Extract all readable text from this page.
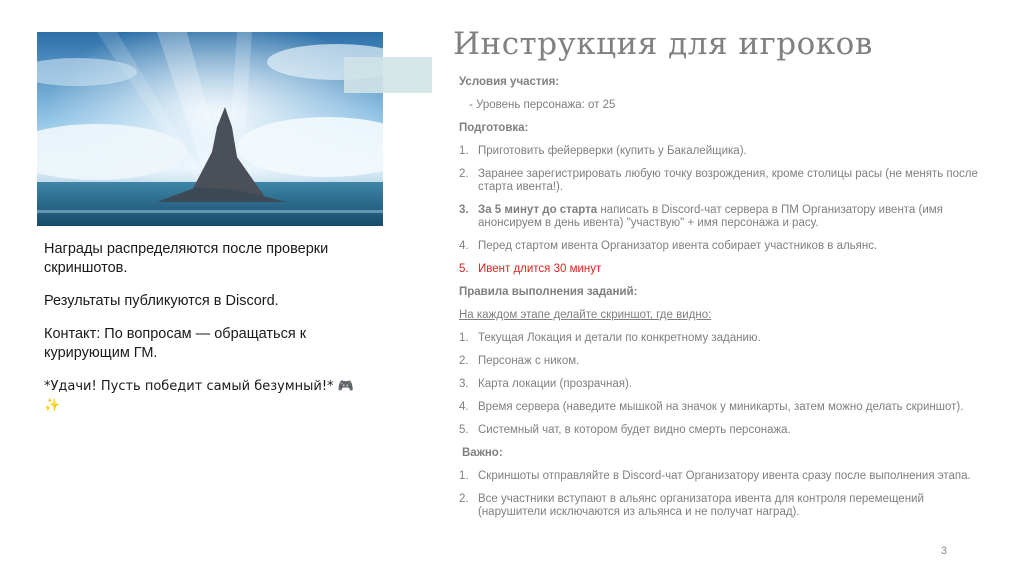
Инструкция для игроков

Награды распределяются после проверки скриншотов.

Результаты публикуются в Discord.

Контакт: По вопросам — обращаться к курирующим ГМ.

*Удачи! Пусть победит самый безумный!* 🎮✨

Условия участия:
- Уровень персонажа: от 25
Подготовка:
1. Приготовить фейерверки (купить у Бакалейщика).
2. Заранее зарегистрировать любую точку возрождения, кроме столицы расы (не менять после старта ивента!).
3. За 5 минут до старта написать в Discord-чат сервера в ПМ Организатору ивента (имя анонсируем в день ивента) "участвую" + имя персонажа и расу.
4. Перед стартом ивента Организатор ивента собирает участников в альянс.
5. Ивент длится 30 минут
Правила выполнения заданий:
На каждом этапе делайте скриншот, где видно:
1. Текущая Локация и детали по конкретному заданию.
2. Персонаж с ником.
3. Карта локации (прозрачная).
4. Время сервера (наведите мышкой на значок у миникарты, затем можно делать скриншот).
5. Системный чат, в котором будет видно смерть персонажа.
Важно:
1. Скриншоты отправляйте в Discord-чат Организатору ивента сразу после выполнения этапа.
2. Все участники вступают в альянс организатора ивента для контроля перемещений (нарушители исключаются из альянса и не получат наград).
3
